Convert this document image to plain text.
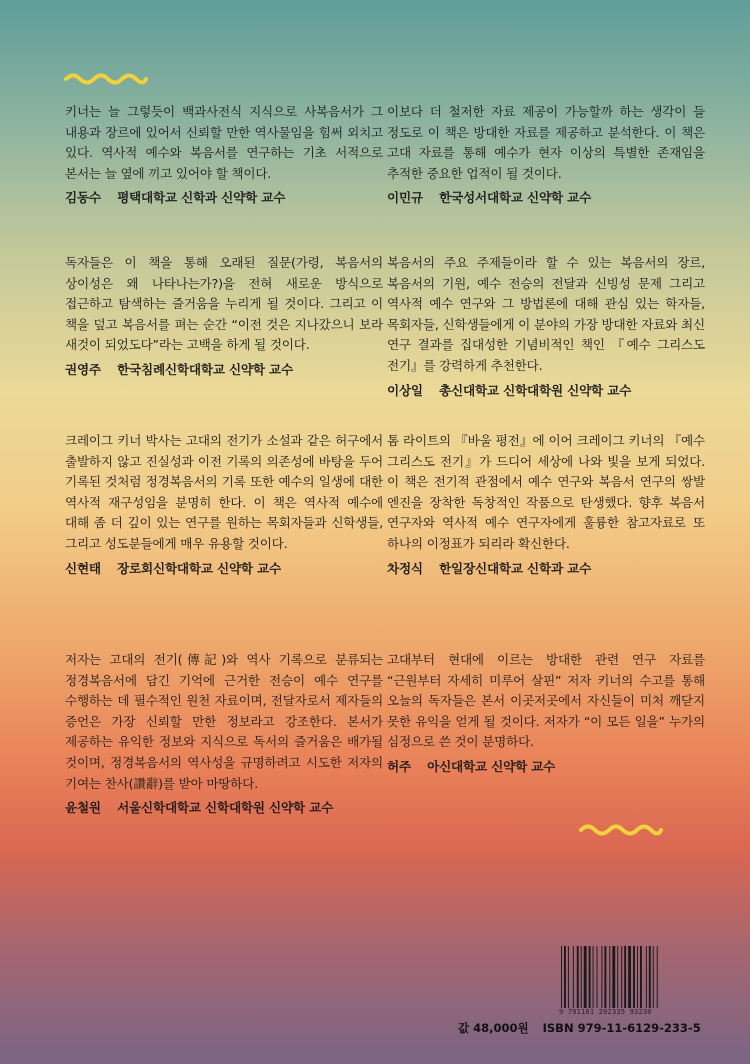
키너는 늘 그렇듯이 백과사전식 지식으로 사복음서가 그 내용과 장르에 있어서 신뢰할 만한 역사물임을 힘써 외치고 있다. 역사적 예수와 복음서를 연구하는 기초 서적으로 본서는 늘 옆에 끼고 있어야 할 책이다.

김동수 평택대학교 신학과 신약학 교수

이보다 더 철저한 자료 제공이 가능할까 하는 생각이 들 정도로 이 책은 방대한 자료를 제공하고 분석한다. 이 책은 고대 자료를 통해 예수가 현자 이상의 특별한 존재임을 추적한 중요한 업적이 될 것이다.

이민규 한국성서대학교 신약학 교수

독자들은 이 책을 통해 오래된 질문(가령, 복음서의 상이성은 왜 나타나는가?)을 전혀 새로운 방식으로 접근하고 탐색하는 즐거움을 누리게 될 것이다. 그리고 이 책을 덮고 복음서를 펴는 순간 “이전 것은 지나갔으니 보라 새것이 되었도다”라는 고백을 하게 될 것이다.

권영주 한국침례신학대학교 신약학 교수

복음서의 주요 주제들이라 할 수 있는 복음서의 장르, 복음서의 기원, 예수 전승의 전달과 신빙성 문제 그리고 역사적 예수 연구와 그 방법론에 대해 관심 있는 학자들, 목회자들, 신학생들에게 이 분야의 가장 방대한 자료와 최신 연구 결과를 집대성한 기념비적인 책인 『예수 그리스도 전기』를 강력하게 추천한다.

이상일 총신대학교 신학대학원 신약학 교수

크레이그 키너 박사는 고대의 전기가 소설과 같은 허구에서 출발하지 않고 진실성과 이전 기록의 의존성에 바탕을 두어 기록된 것처럼 정경복음서의 기록 또한 예수의 일생에 대한 역사적 재구성임을 분명히 한다. 이 책은 역사적 예수에 대해 좀 더 깊이 있는 연구를 원하는 목회자들과 신학생들, 그리고 성도분들에게 매우 유용할 것이다.

신현태 장로회신학대학교 신약학 교수

톰 라이트의 『바울 평전』에 이어 크레이그 키너의 『예수 그리스도 전기』가 드디어 세상에 나와 빛을 보게 되었다. 이 책은 전기적 관점에서 예수 연구와 복음서 연구의 쌍발 엔진을 장착한 독창적인 작품으로 탄생했다. 향후 복음서 연구자와 역사적 예수 연구자에게 훌륭한 참고자료로 또 하나의 이정표가 되리라 확신한다.

차정식 한일장신대학교 신학과 교수

저자는 고대의 전기(傳記)와 역사 기록으로 분류되는 정경복음서에 담긴 기억에 근거한 전승이 예수 연구를 수행하는 데 필수적인 원천 자료이며, 전달자로서 제자들의 증언은 가장 신뢰할 만한 정보라고 강조한다. 본서가 제공하는 유익한 정보와 지식으로 독서의 즐거움은 배가될 것이며, 정경복음서의 역사성을 규명하려고 시도한 저자의 기여는 찬사(讚辭)를 받아 마땅하다.

윤철원 서울신학대학교 신학대학원 신약학 교수

고대부터 현대에 이르는 방대한 관련 연구 자료를 “근원부터 자세히 미루어 살핀” 저자 키너의 수고를 통해 오늘의 독자들은 본서 이곳저곳에서 자신들이 미처 깨닫지 못한 유익을 얻게 될 것이다. 저자가 “이 모든 일을” 누가의 심정으로 쓴 것이 분명하다.

허주 아신대학교 신약학 교수
9 791161 292335 93230
값 48,000원 ISBN 979-11-6129-233-5
